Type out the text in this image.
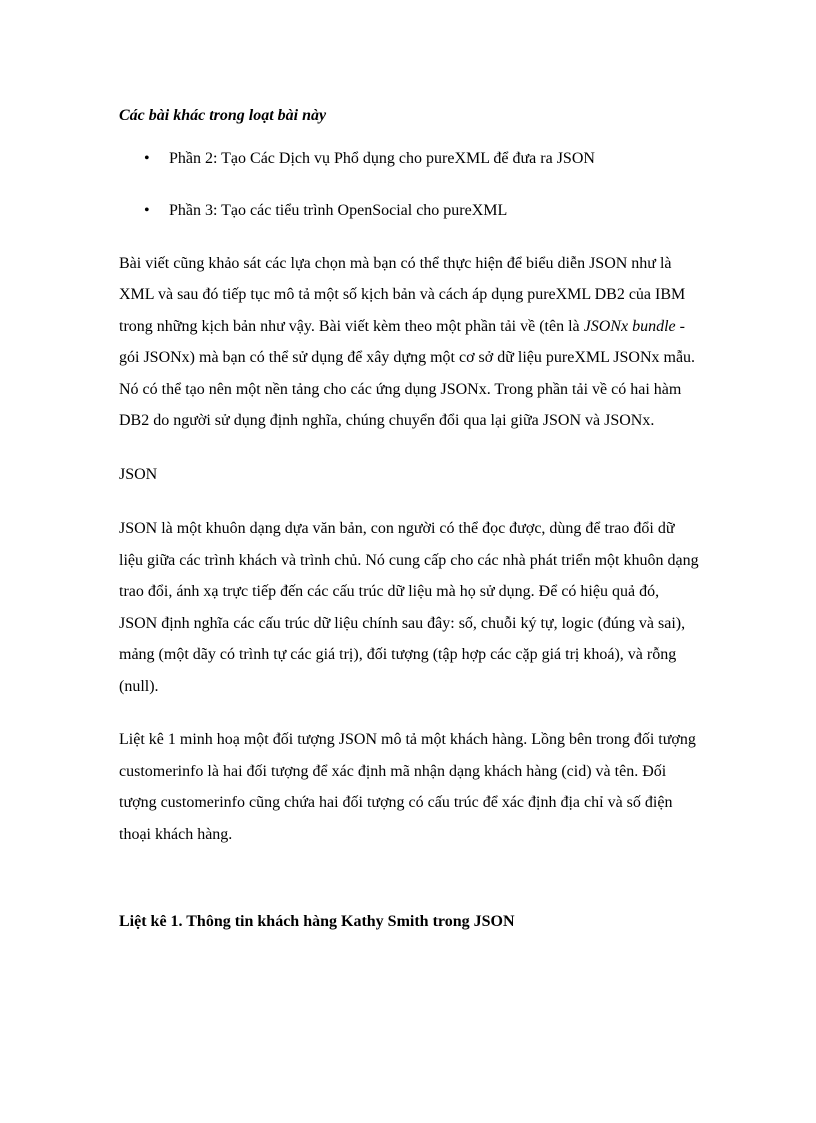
Các bài khác trong loạt bài này

• Phần 2: Tạo Các Dịch vụ Phổ dụng cho pureXML để đưa ra JSON
• Phần 3: Tạo các tiểu trình OpenSocial cho pureXML

Bài viết cũng khảo sát các lựa chọn mà bạn có thể thực hiện để biểu diễn JSON như là XML và sau đó tiếp tục mô tả một số kịch bản và cách áp dụng pureXML DB2 của IBM trong những kịch bản như vậy. Bài viết kèm theo một phần tải về (tên là JSONx bundle - gói JSONx) mà bạn có thể sử dụng để xây dựng một cơ sở dữ liệu pureXML JSONx mẫu. Nó có thể tạo nên một nền tảng cho các ứng dụng JSONx. Trong phần tải về có hai hàm DB2 do người sử dụng định nghĩa, chúng chuyển đổi qua lại giữa JSON và JSONx.

JSON

JSON là một khuôn dạng dựa văn bản, con người có thể đọc được, dùng để trao đổi dữ liệu giữa các trình khách và trình chủ. Nó cung cấp cho các nhà phát triển một khuôn dạng trao đổi, ánh xạ trực tiếp đến các cấu trúc dữ liệu mà họ sử dụng. Để có hiệu quả đó, JSON định nghĩa các cấu trúc dữ liệu chính sau đây: số, chuỗi ký tự, logic (đúng và sai), mảng (một dãy có trình tự các giá trị), đối tượng (tập hợp các cặp giá trị khoá), và rỗng (null).

Liệt kê 1 minh hoạ một đối tượng JSON mô tả một khách hàng. Lồng bên trong đối tượng customerinfo là hai đối tượng để xác định mã nhận dạng khách hàng (cid) và tên. Đối tượng customerinfo cũng chứa hai đối tượng có cấu trúc để xác định địa chỉ và số điện thoại khách hàng.

Liệt kê 1. Thông tin khách hàng Kathy Smith trong JSON
